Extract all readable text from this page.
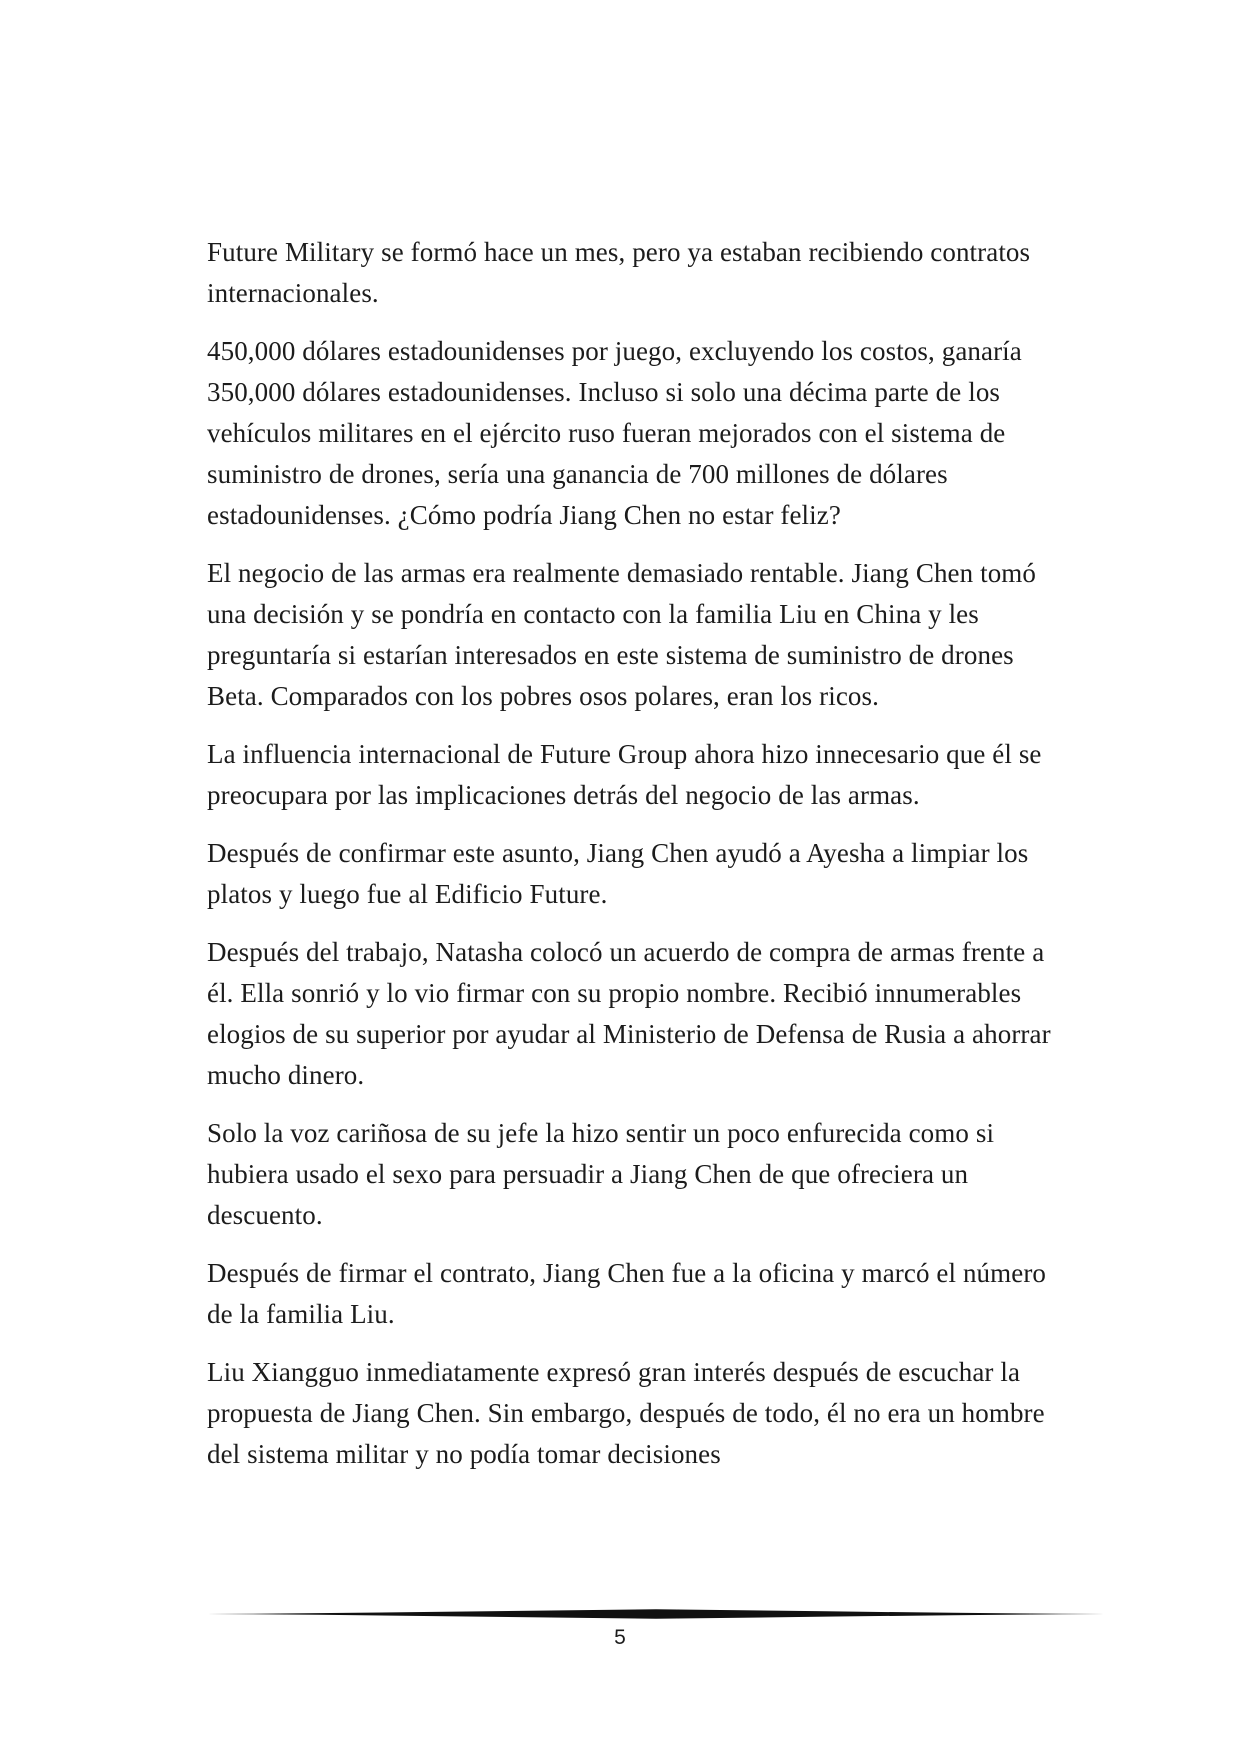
Future Military se formó hace un mes, pero ya estaban recibiendo contratos internacionales.

450,000 dólares estadounidenses por juego, excluyendo los costos, ganaría 350,000 dólares estadounidenses. Incluso si solo una décima parte de los vehículos militares en el ejército ruso fueran mejorados con el sistema de suministro de drones, sería una ganancia de 700 millones de dólares estadounidenses. ¿Cómo podría Jiang Chen no estar feliz?

El negocio de las armas era realmente demasiado rentable. Jiang Chen tomó una decisión y se pondría en contacto con la familia Liu en China y les preguntaría si estarían interesados en este sistema de suministro de drones Beta. Comparados con los pobres osos polares, eran los ricos.

La influencia internacional de Future Group ahora hizo innecesario que él se preocupara por las implicaciones detrás del negocio de las armas.

Después de confirmar este asunto, Jiang Chen ayudó a Ayesha a limpiar los platos y luego fue al Edificio Future.

Después del trabajo, Natasha colocó un acuerdo de compra de armas frente a él. Ella sonrió y lo vio firmar con su propio nombre. Recibió innumerables elogios de su superior por ayudar al Ministerio de Defensa de Rusia a ahorrar mucho dinero.

Solo la voz cariñosa de su jefe la hizo sentir un poco enfurecida como si hubiera usado el sexo para persuadir a Jiang Chen de que ofreciera un descuento.

Después de firmar el contrato, Jiang Chen fue a la oficina y marcó el número de la familia Liu.

Liu Xiangguo inmediatamente expresó gran interés después de escuchar la propuesta de Jiang Chen. Sin embargo, después de todo, él no era un hombre del sistema militar y no podía tomar decisiones

5
